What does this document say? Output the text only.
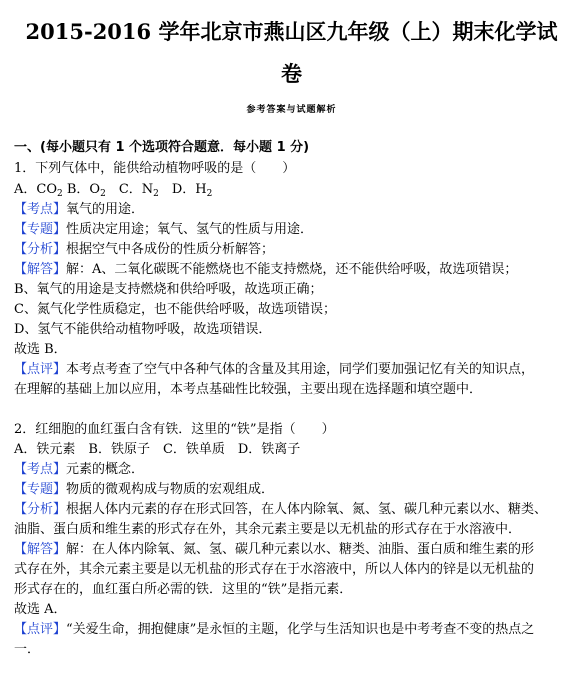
2015-2016 学年北京市燕山区九年级（上）期末化学试
卷
参考答案与试题解析
一、(每小题只有 1 个选项符合题意．每小题 1 分)
1．下列气体中，能供给动植物呼吸的是（　　）
A．$CO_2$ B．$O_2$　C．$N_2$　D．$H_2$
【考点】氧气的用途．
【专题】性质决定用途；氧气、氢气的性质与用途．
【分析】根据空气中各成份的性质分析解答；
【解答】解：A、二氧化碳既不能燃烧也不能支持燃烧，还不能供给呼吸，故选项错误；
B、氧气的用途是支持燃烧和供给呼吸，故选项正确；
C、氮气化学性质稳定，也不能供给呼吸，故选项错误；
D、氢气不能供给动植物呼吸，故选项错误．
故选 B．
【点评】本考点考查了空气中各种气体的含量及其用途，同学们要加强记忆有关的知识点，
在理解的基础上加以应用，本考点基础性比较强，主要出现在选择题和填空题中．
2．红细胞的血红蛋白含有铁．这里的“铁”是指（　　）
A．铁元素　B．铁原子　C．铁单质　D．铁离子
【考点】元素的概念．
【专题】物质的微观构成与物质的宏观组成．
【分析】根据人体内元素的存在形式回答，在人体内除氧、氮、氢、碳几种元素以水、糖类、
油脂、蛋白质和维生素的形式存在外，其余元素主要是以无机盐的形式存在于水溶液中．
【解答】解：在人体内除氧、氮、氢、碳几种元素以水、糖类、油脂、蛋白质和维生素的形
式存在外，其余元素主要是以无机盐的形式存在于水溶液中，所以人体内的锌是以无机盐的
形式存在的，血红蛋白所必需的铁．这里的“铁”是指元素．
故选 A．
【点评】“关爱生命，拥抱健康”是永恒的主题，化学与生活知识也是中考考查不变的热点之
一．
